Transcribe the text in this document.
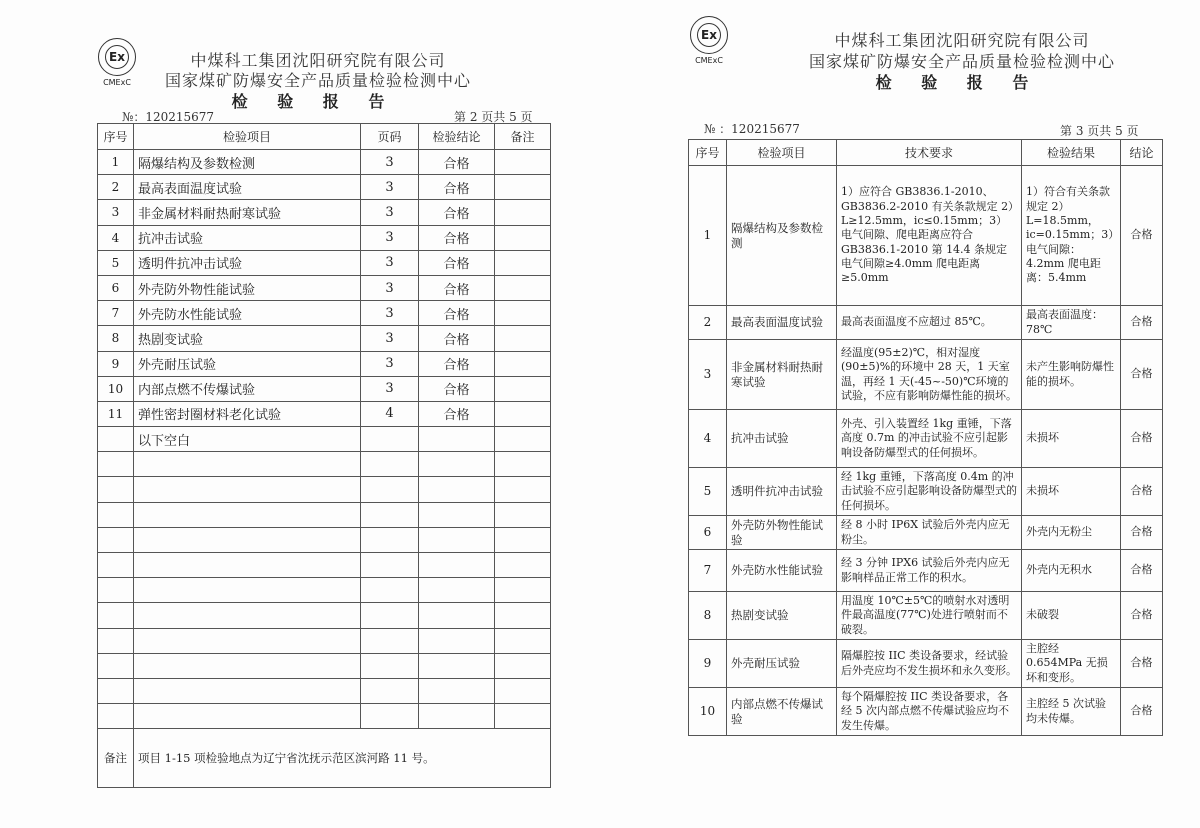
Ex
CMExC
中煤科工集团沈阳研究院有限公司
国家煤矿防爆安全产品质量检验检测中心
检 验 报 告
№：120215677	第 2 页共 5 页
序号	检验项目	页码	检验结论	备注
1	隔爆结构及参数检测	3	合格	
2	最高表面温度试验	3	合格	
3	非金属材料耐热耐寒试验	3	合格	
4	抗冲击试验	3	合格	
5	透明件抗冲击试验	3	合格	
6	外壳防外物性能试验	3	合格	
7	外壳防水性能试验	3	合格	
8	热剧变试验	3	合格	
9	外壳耐压试验	3	合格	
10	内部点燃不传爆试验	3	合格	
11	弹性密封圈材料老化试验	4	合格	
	以下空白			

备注	项目 1-15 项检验地点为辽宁省沈抚示范区滨河路 11 号。			
Ex
CMExC
中煤科工集团沈阳研究院有限公司
国家煤矿防爆安全产品质量检验检测中心
检 验 报 告
№ ：120215677	第 3 页共 5 页
序号	检验项目	技术要求	检验结果	结论
1	隔爆结构及参数检测	1）应符合 GB3836.1-2010、GB3836.2-2010 有关条款规定 2）L≥12.5mm，ic≤0.15mm；3）电气间隙、爬电距离应符合 GB3836.1-2010 第 14.4 条规定 电气间隙≥4.0mm 爬电距离≥5.0mm	1）符合有关条款规定 2）L=18.5mm，ic=0.15mm；3）电气间隙：4.2mm 爬电距离：5.4mm	合格
2	最高表面温度试验	最高表面温度不应超过 85℃。	最高表面温度：78℃	合格
3	非金属材料耐热耐寒试验	经温度(95±2)℃，相对湿度(90±5)%的环境中 28 天，1 天室温，再经 1 天(-45~-50)℃环境的试验，不应有影响防爆性能的损坏。	未产生影响防爆性能的损坏。	合格
4	抗冲击试验	外壳、引入装置经 1kg 重锤，下落高度 0.7m 的冲击试验不应引起影响设备防爆型式的任何损坏。	未损坏	合格
5	透明件抗冲击试验	经 1kg 重锤，下落高度 0.4m 的冲击试验不应引起影响设备防爆型式的任何损坏。	未损坏	合格
6	外壳防外物性能试验	经 8 小时 IP6X 试验后外壳内应无粉尘。	外壳内无粉尘	合格
7	外壳防水性能试验	经 3 分钟 IPX6 试验后外壳内应无影响样品正常工作的积水。	外壳内无积水	合格
8	热剧变试验	用温度 10℃±5℃的喷射水对透明件最高温度(77℃)处进行喷射而不破裂。	未破裂	合格
9	外壳耐压试验	隔爆腔按 IIC 类设备要求，经试验后外壳应均不发生损坏和永久变形。	主腔经 0.654MPa 无损坏和变形。	合格
10	内部点燃不传爆试验	每个隔爆腔按 IIC 类设备要求，各经 5 次内部点燃不传爆试验应均不发生传爆。	主腔经 5 次试验均未传爆。	合格
